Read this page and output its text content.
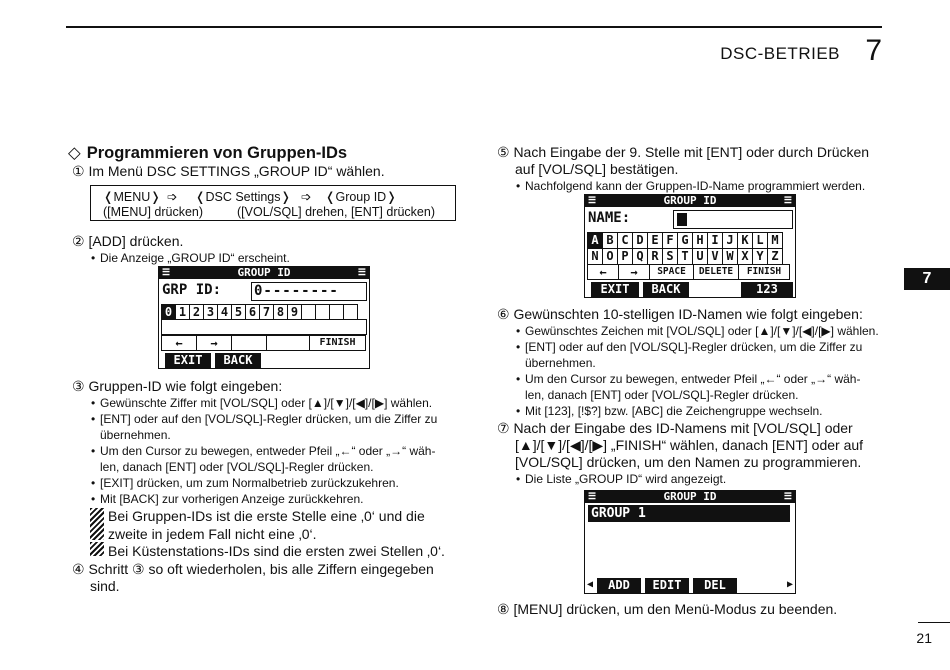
DSC-BETRIEB 7
7
21
◇ Programmieren von Gruppen-IDs
① Im Menü DSC SETTINGS „GROUP ID“ wählen.
❬MENU❭ ➩ ❬DSC Settings❭ ➩ ❬Group ID❭
([MENU] drücken)	([VOL/SQL] drehen, [ENT] drücken)
② [ADD] drücken.
• Die Anzeige „GROUP ID“ erscheint.
☰	GROUP ID	☰
GRP ID: 0--------
0 1 2 3 4 5 6 7 8 9
←	→	FINISH
EXIT	BACK
③ Gruppen-ID wie folgt eingeben:
• Gewünschte Ziffer mit [VOL/SQL] oder [▲]/[▼]/[◀]/[▶] wählen.
• [ENT] oder auf den [VOL/SQL]-Regler drücken, um die Ziffer zu
übernehmen.
• Um den Cursor zu bewegen, entweder Pfeil „←“ oder „→“ wäh-
len, danach [ENT] oder [VOL/SQL]-Regler drücken.
• [EXIT] drücken, um zum Normalbetrieb zurückzukehren.
• Mit [BACK] zur vorherigen Anzeige zurückkehren.
Bei Gruppen-IDs ist die erste Stelle eine ‚0‘ und die
zweite in jedem Fall nicht eine ‚0‘.
Bei Küstenstations-IDs sind die ersten zwei Stellen ‚0‘.
④ Schritt ③ so oft wiederholen, bis alle Ziffern eingegeben
sind.
⑤ Nach Eingabe der 9. Stelle mit [ENT] oder durch Drücken
auf [VOL/SQL] bestätigen.
• Nachfolgend kann der Gruppen-ID-Name programmiert werden.
☰	GROUP ID	☰
NAME:
A B C D E F G H I J K L M
N O P Q R S T U V W X Y Z
←	→	SPACE	DELETE	FINISH
EXIT	BACK	123
⑥ Gewünschten 10-stelligen ID-Namen wie folgt eingeben:
• Gewünschtes Zeichen mit [VOL/SQL] oder [▲]/[▼]/[◀]/[▶] wählen.
• [ENT] oder auf den [VOL/SQL]-Regler drücken, um die Ziffer zu
übernehmen.
• Um den Cursor zu bewegen, entweder Pfeil „←“ oder „→“ wäh-
len, danach [ENT] oder [VOL/SQL]-Regler drücken.
• Mit [123], [!$?] bzw. [ABC] die Zeichengruppe wechseln.
⑦ Nach der Eingabe des ID-Namens mit [VOL/SQL] oder
[▲]/[▼]/[◀]/[▶] „FINISH“ wählen, danach [ENT] oder auf
[VOL/SQL] drücken, um den Namen zu programmieren.
• Die Liste „GROUP ID“ wird angezeigt.
☰	GROUP ID	☰
GROUP 1
◀	ADD	EDIT	DEL	▶
⑧ [MENU] drücken, um den Menü-Modus zu beenden.
